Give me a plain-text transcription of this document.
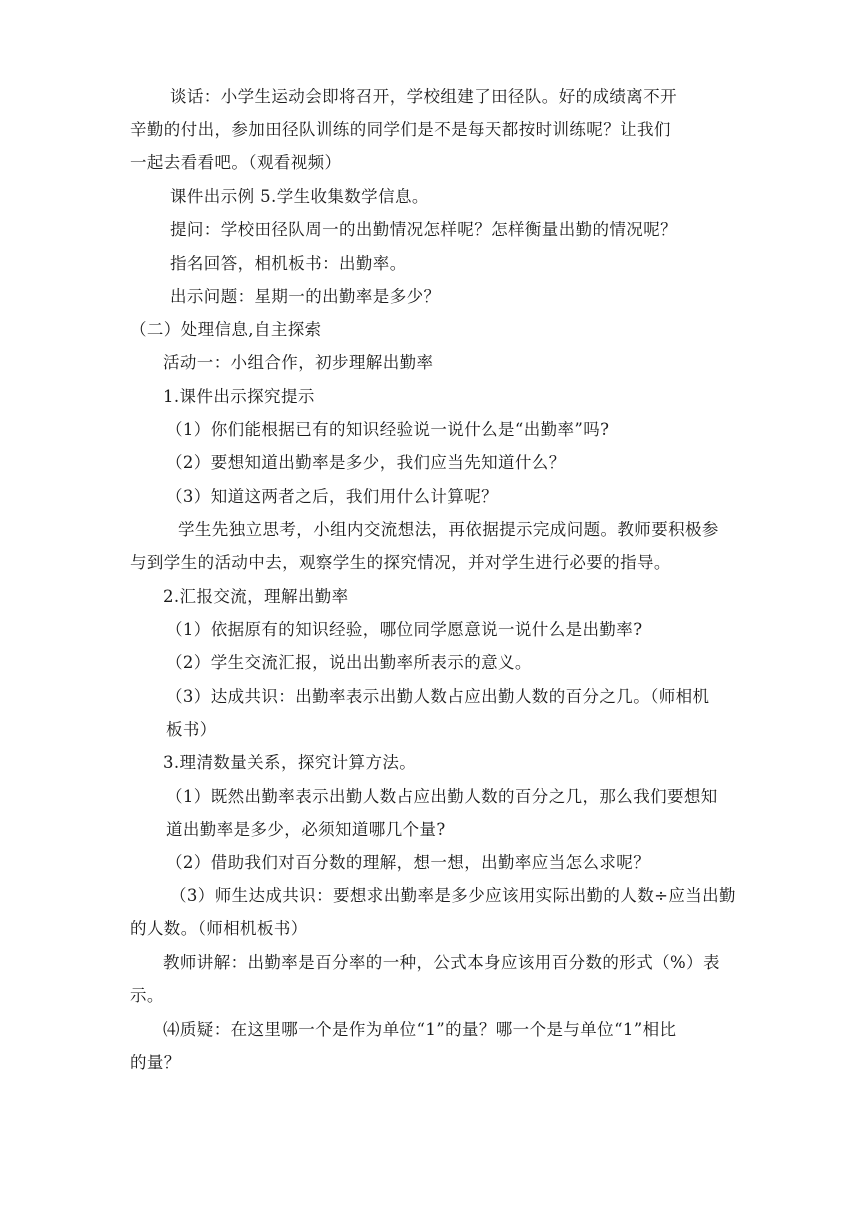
谈话：小学生运动会即将召开，学校组建了田径队。好的成绩离不开
辛勤的付出，参加田径队训练的同学们是不是每天都按时训练呢？让我们
一起去看看吧。（观看视频）
课件出示例 5.学生收集数学信息。
提问：学校田径队周一的出勤情况怎样呢？怎样衡量出勤的情况呢？
指名回答，相机板书：出勤率。
出示问题：星期一的出勤率是多少？
（二）处理信息,自主探索
活动一：小组合作，初步理解出勤率
1.课件出示探究提示
（1）你们能根据已有的知识经验说一说什么是“出勤率”吗?
（2）要想知道出勤率是多少，我们应当先知道什么？
（3）知道这两者之后，我们用什么计算呢？
学生先独立思考，小组内交流想法，再依据提示完成问题。教师要积极参
与到学生的活动中去，观察学生的探究情况，并对学生进行必要的指导。
2.汇报交流，理解出勤率
（1）依据原有的知识经验，哪位同学愿意说一说什么是出勤率?
（2）学生交流汇报，说出出勤率所表示的意义。
（3）达成共识：出勤率表示出勤人数占应出勤人数的百分之几。（师相机
板书）
3.理清数量关系，探究计算方法。
（1）既然出勤率表示出勤人数占应出勤人数的百分之几，那么我们要想知
道出勤率是多少，必须知道哪几个量?
（2）借助我们对百分数的理解，想一想，出勤率应当怎么求呢？
（3）师生达成共识：要想求出勤率是多少应该用实际出勤的人数÷应当出勤
的人数。（师相机板书）
教师讲解：出勤率是百分率的一种，公式本身应该用百分数的形式（%）表
示。
⑷质疑：在这里哪一个是作为单位“1”的量？哪一个是与单位“1”相比
的量？
